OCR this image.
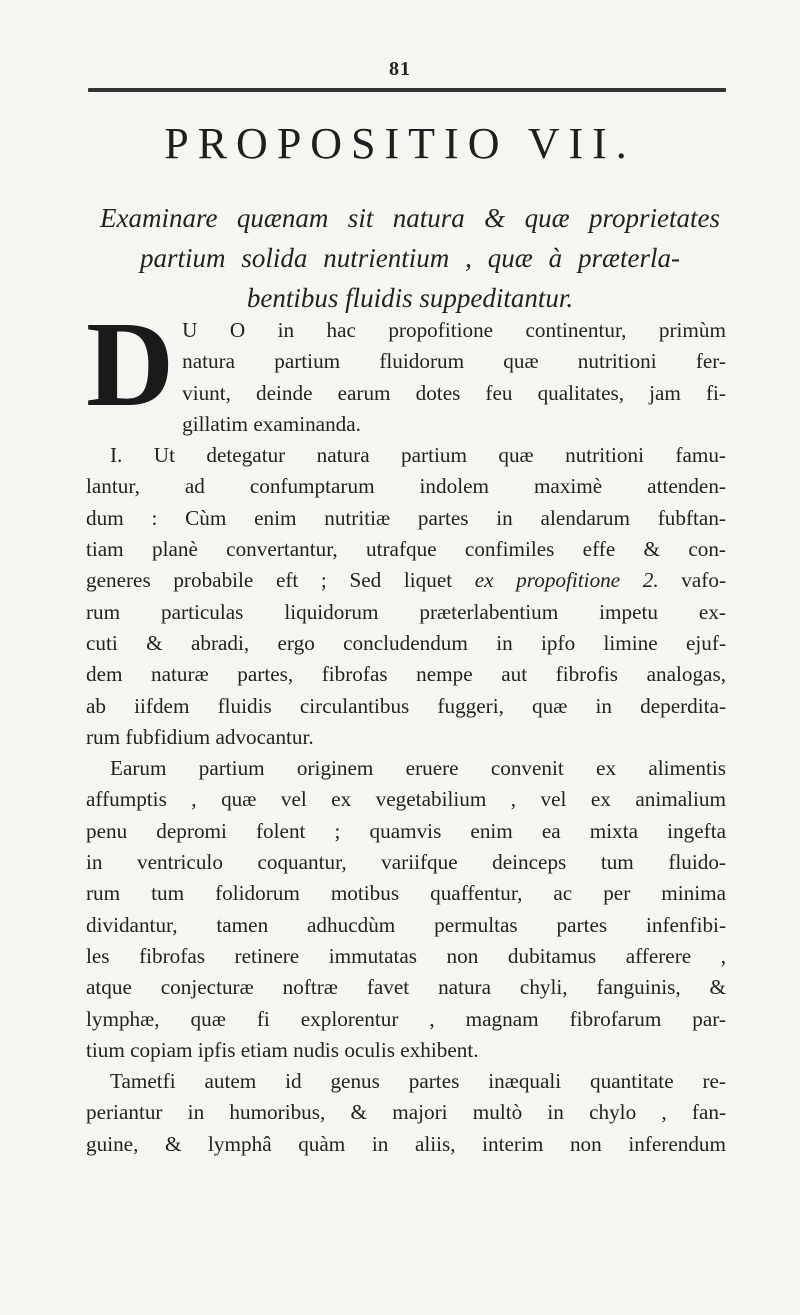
81
PROPOSITIO VII.
Examinare quænam sit natura & quæ proprietates
partium solida nutrientium , quæ à præterla-
bentibus fluidis suppeditantur.

D U O in hac propofitione continentur, primùm
natura partium fluidorum quæ nutritioni fer-
viunt, deinde earum dotes feu qualitates, jam fi-
gillatim examinanda.

I. Ut detegatur natura partium quæ nutritioni famu-
lantur, ad confumptarum indolem maximè attenden-
dum : Cùm enim nutritiæ partes in alendarum fubftan-
tiam planè convertantur, utrafque confimiles effe & con-
generes probabile eft ; Sed liquet ex propofitione 2. vafo-
rum particulas liquidorum præterlabentium impetu ex-
cuti & abradi, ergo concludendum in ipfo limine ejuf-
dem naturæ partes, fibrofas nempe aut fibrofis analogas,
ab iifdem fluidis circulantibus fuggeri, quæ in deperdita-
rum fubfidium advocantur.

Earum partium originem eruere convenit ex alimentis
affumptis , quæ vel ex vegetabilium , vel ex animalium
penu depromi folent ; quamvis enim ea mixta ingefta
in ventriculo coquantur, variifque deinceps tum fluido-
rum tum folidorum motibus quaffentur, ac per minima
dividantur, tamen adhucdùm permultas partes infenfibi-
les fibrofas retinere immutatas non dubitamus afferere ,
atque conjecturæ noftræ favet natura chyli, fanguinis, &
lymphæ, quæ fi explorentur , magnam fibrofarum par-
tium copiam ipfis etiam nudis oculis exhibent.

Tametfi autem id genus partes inæquali quantitate re-
periantur in humoribus, & majori multò in chylo , fan-
guine, & lymphâ quàm in aliis, interim non inferendum
